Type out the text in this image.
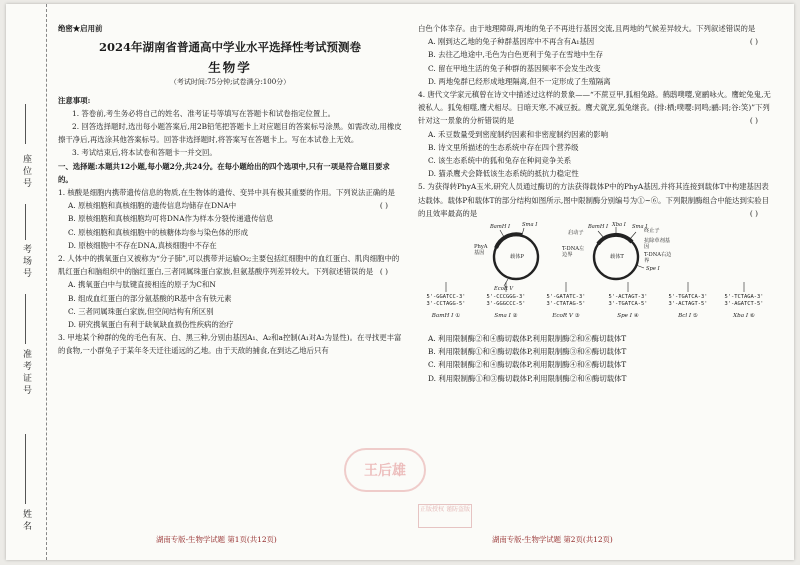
座位号
考场号
准考证号
姓名
绝密★启用前
2024年湖南省普通高中学业水平选择性考试预测卷
生物学
（考试时间:75分钟;试卷满分:100分）

注意事项:

1. 答卷前,考生务必将自己的姓名、准考证号等填写在答题卡和试卷指定位置上。

2. 回答选择题时,选出每小题答案后,用2B铅笔把答题卡上对应题目的答案标号涂黑。如需改动,用橡皮擦干净后,再选涂其他答案标号。回答非选择题时,将答案写在答题卡上。写在本试卷上无效。

3. 考试结束后,将本试卷和答题卡一并交回。

一、选择题:本题共12小题,每小题2分,共24分。在每小题给出的四个选项中,只有一项是符合题目要求的。

1. 核酸是细胞内携带遗传信息的物质,在生物体的遗传、变异中具有极其重要的作用。下列说法正确的是
( )

A. 原核细胞和真核细胞的遗传信息均储存在DNA中

B. 原核细胞和真核细胞均可将DNA作为样本分裂传递遗传信息

C. 原核细胞和真核细胞中的核糖体均参与染色体的形成

D. 原核细胞中不存在DNA,真核细胞中不存在

2. 人体中的携氧蛋白又被称为“分子肺”,可以携带并运输O₂;主要包括红细胞中的血红蛋白、肌肉细胞中的肌红蛋白和脑组织中的脑红蛋白,三者同属珠蛋白家族,但氨基酸序列差异较大。下列叙述错误的是 ( )

A. 携氧蛋白中与肽键直接相连的原子为C和N

B. 组成血红蛋白的部分氨基酸的R基中含有铁元素

C. 三者同属珠蛋白家族,但空间结构有所区别

D. 研究携氧蛋白有利于缺氧缺血损伤性疾病的治疗

3. 甲地某个种群的兔的毛色有灰、白、黑三种,分别由基因A₁、A₂和a控制(A₁对A₂为显性)。在寻找更丰富的食物,一小群兔子于某年冬天迁往遥远的乙地。由于天敌的捕食,在到达乙地后只有

湖南专版-生物学试题 第1页(共12页)

白色个体幸存。由于地理障碍,两地的兔子不再进行基因交流,且两地的气候差异较大。下列叙述错误的是
( )

A. 刚到达乙地的兔子种群基因库中不再含有A₁基因

B. 去往乙地途中,毛色为白色更利于兔子在雪地中生存

C. 留在甲地生活的兔子种群的基因频率不会发生改变

D. 两地兔群已经形成地理隔离,但不一定形成了生殖隔离

4. 唐代文学家元稹曾在诗文中描述过这样的景象——“不蔗豆甲,狐相兔路。鹤鸱噗嘤,宽鹂咏火。鹰蛇兔鬼,无被私人。狐兔相噬,鹰犬相尽。日暗天寒,不减豆扳。鹰犬就烹,狐兔继丧。(排:栖;噗嘤:同鸣;鹂:同;谷:笑)”下列针对这一景象的分析错误的是	( )

A. 禾豆数量受到密度制约因素和非密度制约因素的影响

B. 诗文里所描述的生态系统中存在四个营养级

C. 该生态系统中的狐和兔存在种间竞争关系

D. 猫杀鹰犬会降低该生态系统的抵抗力稳定性

5. 为获得转PhyA玉米,研究人员通过酶切的方法获得载体P中的PhyA基因,并将其连接到载体T中构建基因表达载体。载体P和载体T的部分结构如图所示,图中限制酶分别编号为①~⑥。下列限制酶组合中能达到实验目的且效率最高的是	( )

载体P	载体T
PhyA基因
BamH I Sma I
EcoR V
启动子
T-DNA左边界
BamH I Xba I Sma I
终止子
抗除草剂基因
T-DNA右边界
Spe I
5'-GGATCC-3'
3'-CCTAGG-5'
5'-CCCGGG-3'
3'-GGGCCC-5'
5'-GATATC-3'
3'-CTATAG-5'
5'-ACTAGT-3'
3'-TGATCA-5'
5'-TGATCA-3'
3'-ACTAGT-5'
5'-TCTAGA-3'
3'-AGATCT-5'
BamH I ①	Sma I ②	EcoR V ③	Spe I ④	Bcl I ⑤	Xba I ⑥

A. 利用限制酶②和④酶切载体P,利用限制酶②和⑥酶切载体T

B. 利用限制酶①和④酶切载体P,利用限制酶③和⑥酶切载体T

C. 利用限制酶②和④酶切载体P,利用限制酶④和⑥酶切载体T

D. 利用限制酶①和③酶切载体P,利用限制酶②和⑥酶切载体T

湖南专版-生物学试题 第2页(共12页)
王后雄
正版授权 谨防盗版
